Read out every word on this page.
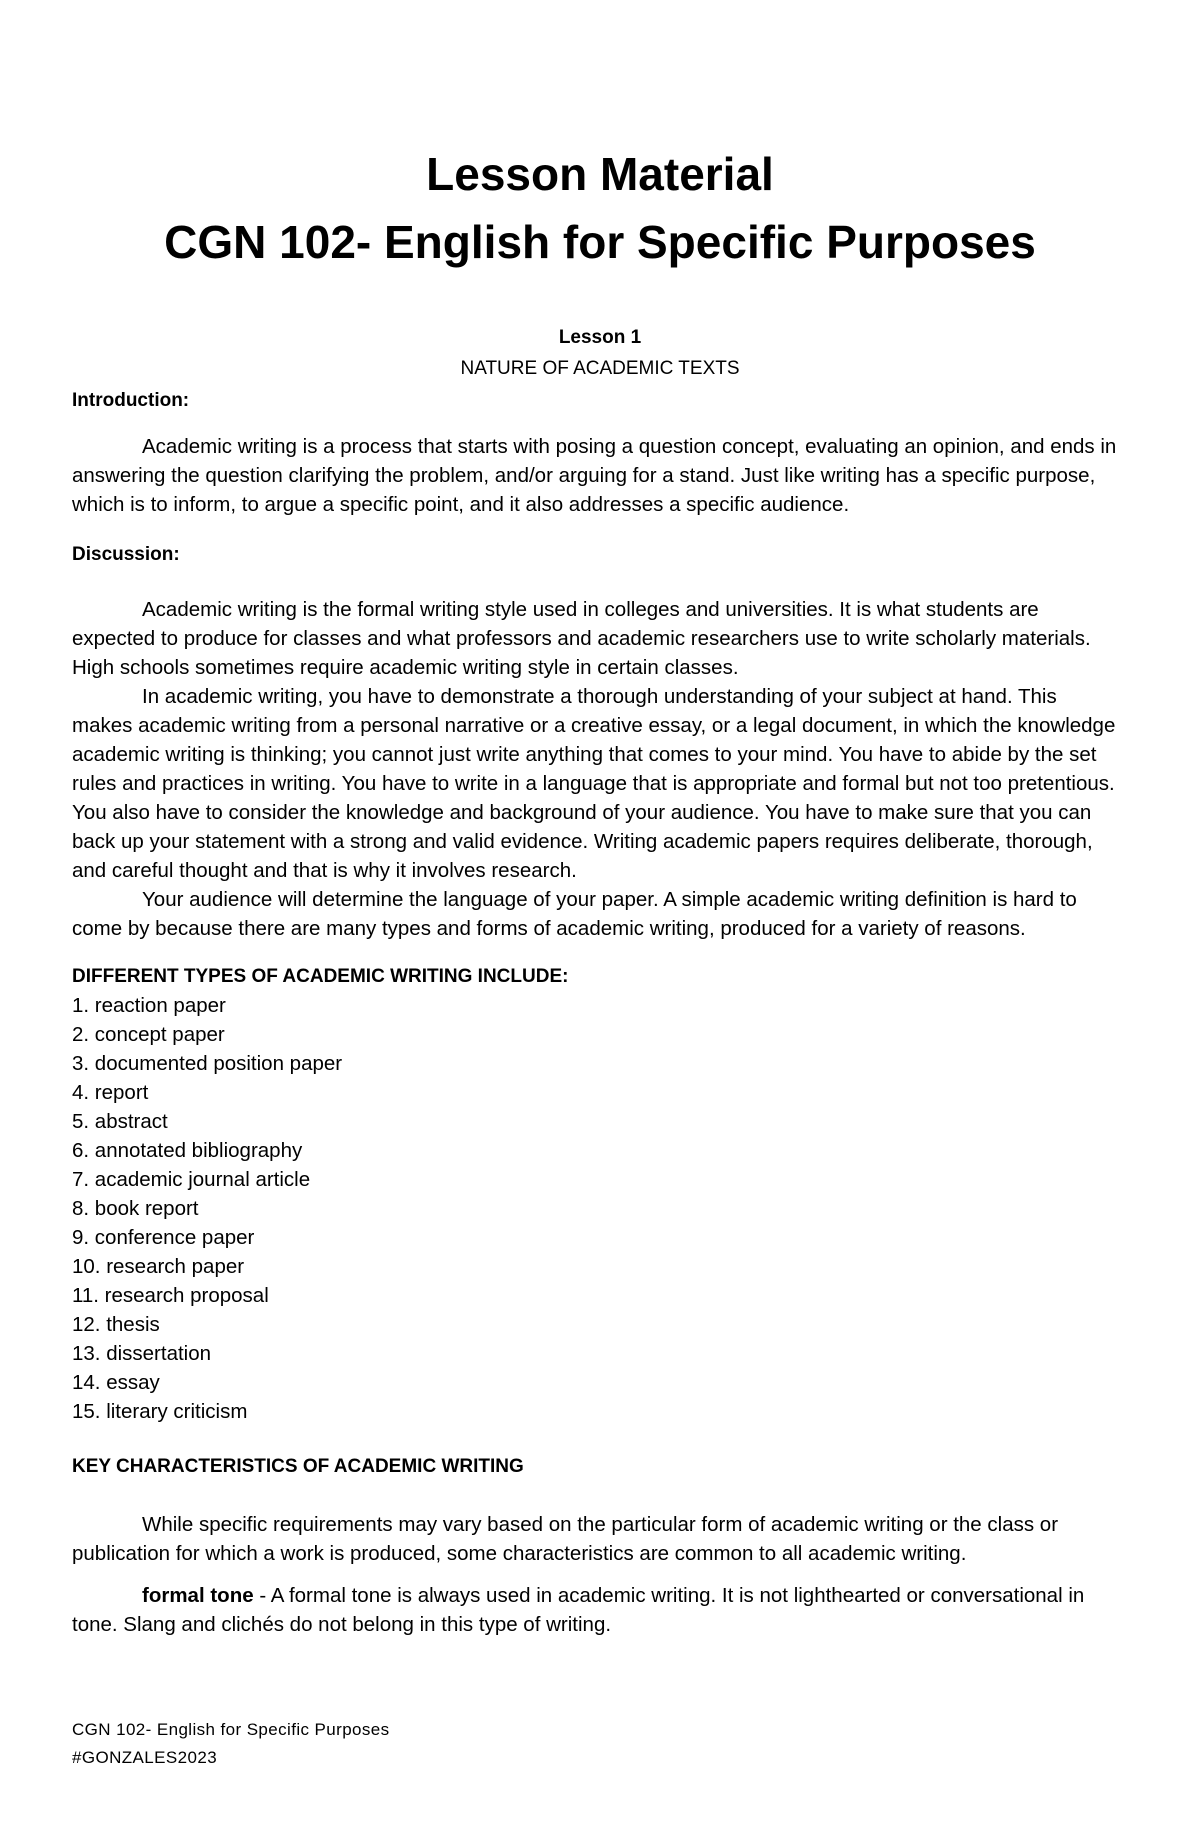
Lesson Material

CGN 102- English for Specific Purposes

Lesson 1
NATURE OF ACADEMIC TEXTS
Introduction:

Academic writing is a process that starts with posing a question concept, evaluating an opinion, and ends in answering the question clarifying the problem, and/or arguing for a stand. Just like writing has a specific purpose, which is to inform, to argue a specific point, and it also addresses a specific audience.

Discussion:

Academic writing is the formal writing style used in colleges and universities. It is what students are expected to produce for classes and what professors and academic researchers use to write scholarly materials. High schools sometimes require academic writing style in certain classes.

In academic writing, you have to demonstrate a thorough understanding of your subject at hand. This makes academic writing from a personal narrative or a creative essay, or a legal document, in which the knowledge academic writing is thinking; you cannot just write anything that comes to your mind. You have to abide by the set rules and practices in writing. You have to write in a language that is appropriate and formal but not too pretentious. You also have to consider the knowledge and background of your audience. You have to make sure that you can back up your statement with a strong and valid evidence. Writing academic papers requires deliberate, thorough, and careful thought and that is why it involves research.

Your audience will determine the language of your paper. A simple academic writing definition is hard to come by because there are many types and forms of academic writing, produced for a variety of reasons.

DIFFERENT TYPES OF ACADEMIC WRITING INCLUDE:

1. reaction paper
2. concept paper
3. documented position paper
4. report
5. abstract
6. annotated bibliography
7. academic journal article
8. book report
9. conference paper
10. research paper
11. research proposal
12. thesis
13. dissertation
14. essay
15. literary criticism

KEY CHARACTERISTICS OF ACADEMIC WRITING

While specific requirements may vary based on the particular form of academic writing or the class or publication for which a work is produced, some characteristics are common to all academic writing.

formal tone - A formal tone is always used in academic writing. It is not lighthearted or conversational in tone. Slang and clichés do not belong in this type of writing.

CGN 102- English for Specific Purposes
#GONZALES2023
